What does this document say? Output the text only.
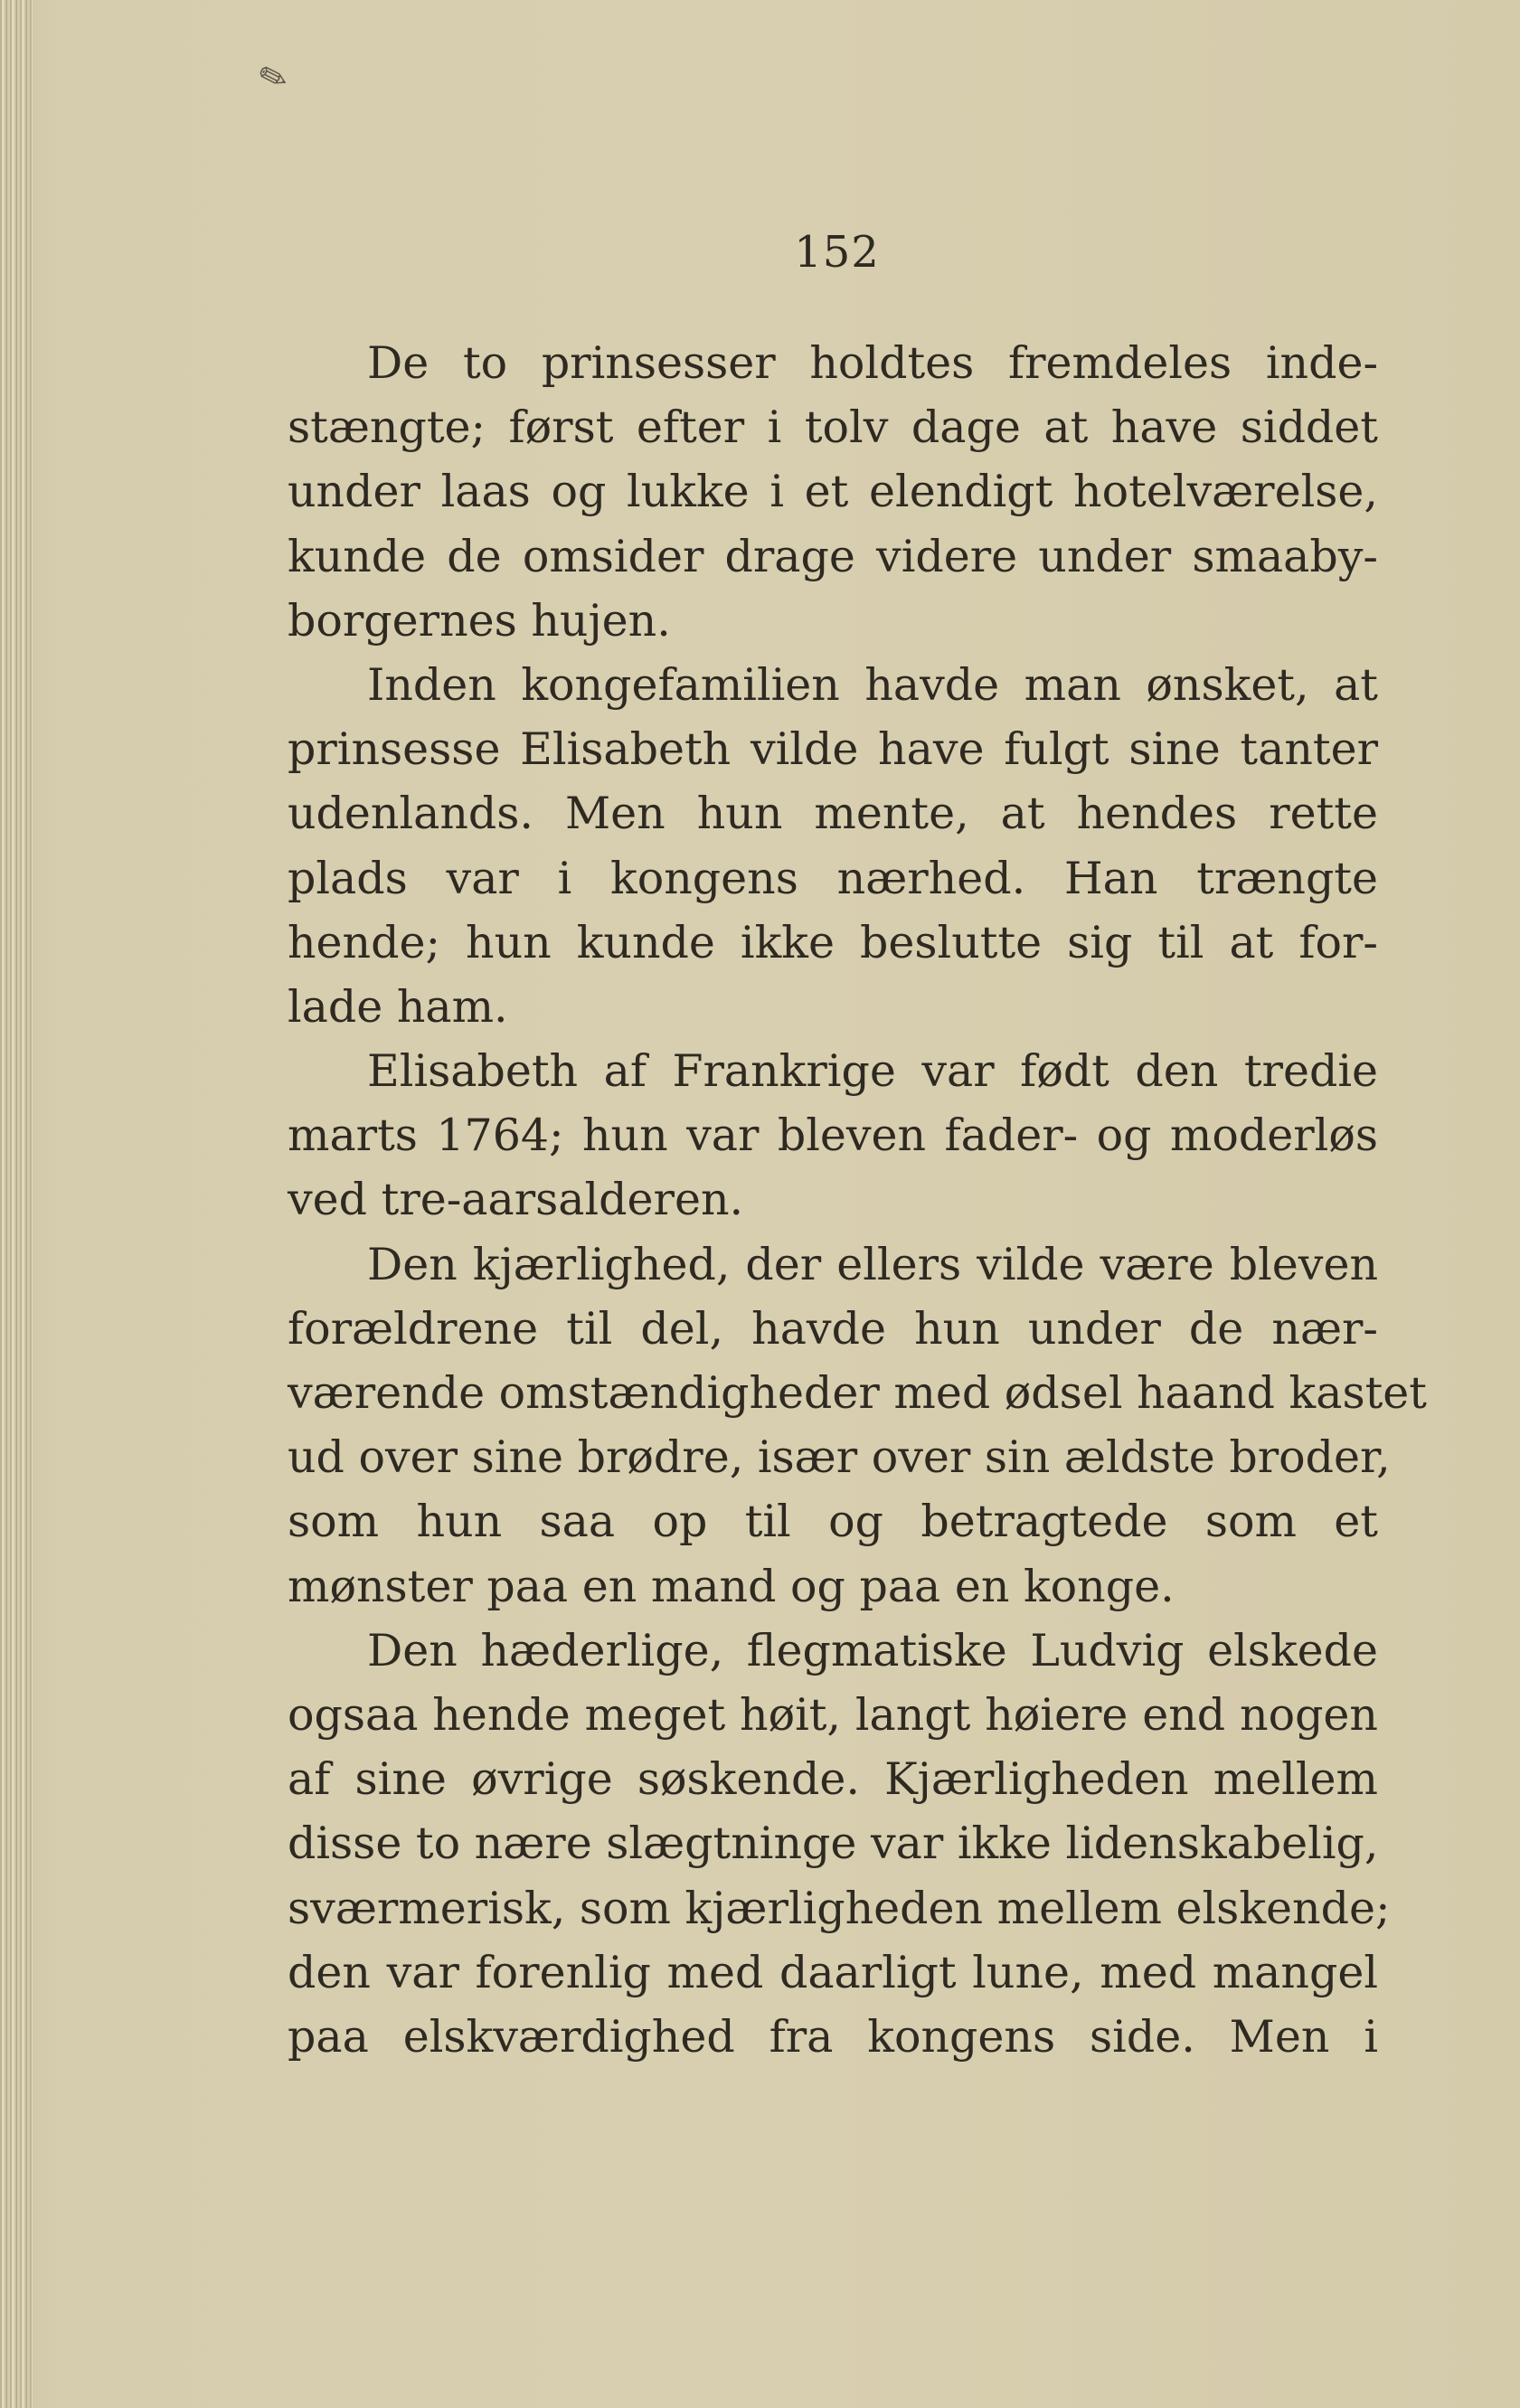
✎
152
De to prinsesser holdtes fremdeles inde-
stængte; først efter i tolv dage at have siddet
under laas og lukke i et elendigt hotelværelse,
kunde de omsider drage videre under smaaby-
borgernes hujen.
Inden kongefamilien havde man ønsket, at
prinsesse Elisabeth vilde have fulgt sine tanter
udenlands. Men hun mente, at hendes rette
plads var i kongens nærhed. Han trængte
hende; hun kunde ikke beslutte sig til at for-
lade ham.
Elisabeth af Frankrige var født den tredie
marts 1764; hun var bleven fader- og moderløs
ved tre-aarsalderen.
Den kjærlighed, der ellers vilde være bleven
forældrene til del, havde hun under de nær-
værende omstændigheder med ødsel haand kastet
ud over sine brødre, især over sin ældste broder,
som hun saa op til og betragtede som et
mønster paa en mand og paa en konge.
Den hæderlige, flegmatiske Ludvig elskede
ogsaa hende meget høit, langt høiere end nogen
af sine øvrige søskende. Kjærligheden mellem
disse to nære slægtninge var ikke lidenskabelig,
sværmerisk, som kjærligheden mellem elskende;
den var forenlig med daarligt lune, med mangel
paa elskværdighed fra kongens side. Men i
